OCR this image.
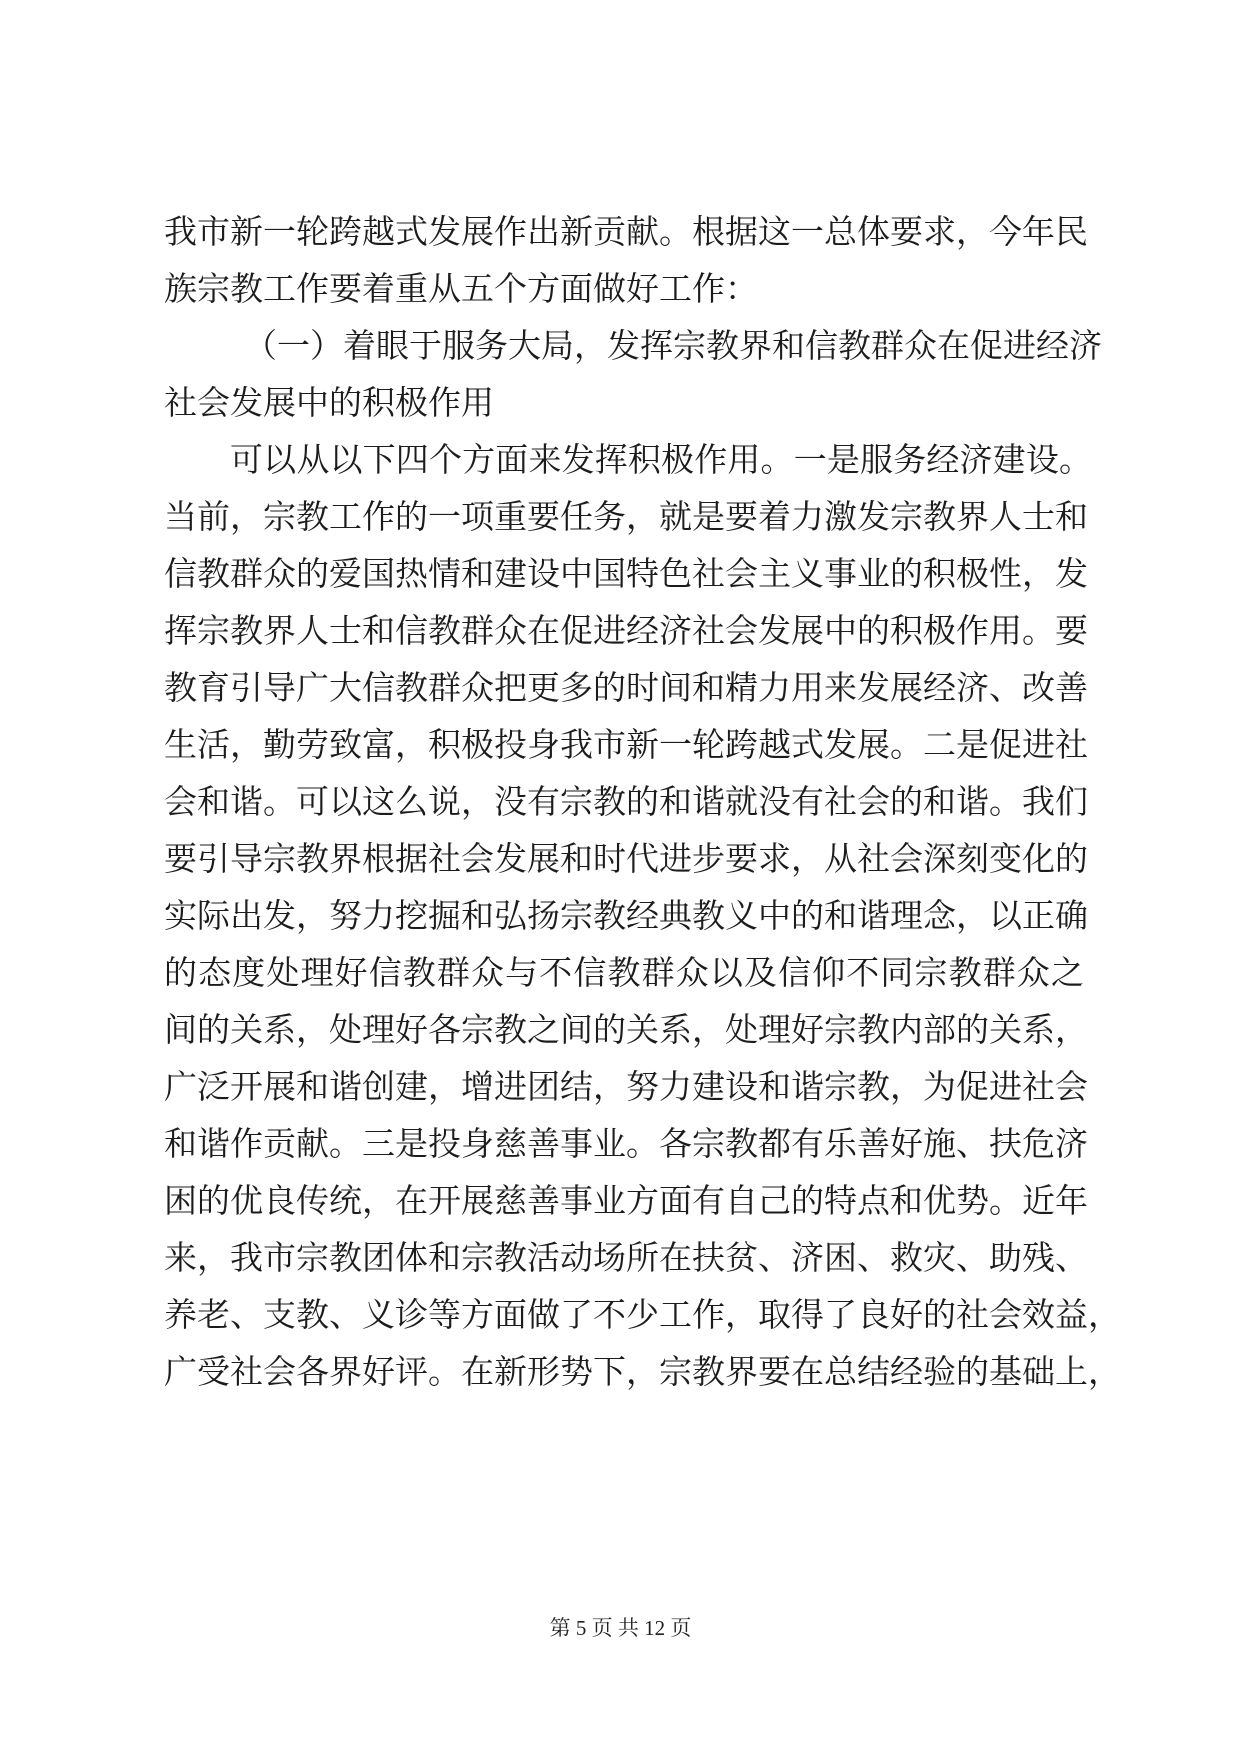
我市新一轮跨越式发展作出新贡献。根据这一总体要求，今年民
族宗教工作要着重从五个方面做好工作：
（一）着眼于服务大局，发挥宗教界和信教群众在促进经济
社会发展中的积极作用
可以从以下四个方面来发挥积极作用。一是服务经济建设。
当前，宗教工作的一项重要任务，就是要着力激发宗教界人士和
信教群众的爱国热情和建设中国特色社会主义事业的积极性，发
挥宗教界人士和信教群众在促进经济社会发展中的积极作用。要
教育引导广大信教群众把更多的时间和精力用来发展经济、改善
生活，勤劳致富，积极投身我市新一轮跨越式发展。二是促进社
会和谐。可以这么说，没有宗教的和谐就没有社会的和谐。我们
要引导宗教界根据社会发展和时代进步要求，从社会深刻变化的
实际出发，努力挖掘和弘扬宗教经典教义中的和谐理念，以正确
的态度处理好信教群众与不信教群众以及信仰不同宗教群众之
间的关系，处理好各宗教之间的关系，处理好宗教内部的关系，
广泛开展和谐创建，增进团结，努力建设和谐宗教，为促进社会
和谐作贡献。三是投身慈善事业。各宗教都有乐善好施、扶危济
困的优良传统，在开展慈善事业方面有自己的特点和优势。近年
来，我市宗教团体和宗教活动场所在扶贫、济困、救灾、助残、
养老、支教、义诊等方面做了不少工作，取得了良好的社会效益，
广受社会各界好评。在新形势下，宗教界要在总结经验的基础上，
第 5 页 共 12 页
